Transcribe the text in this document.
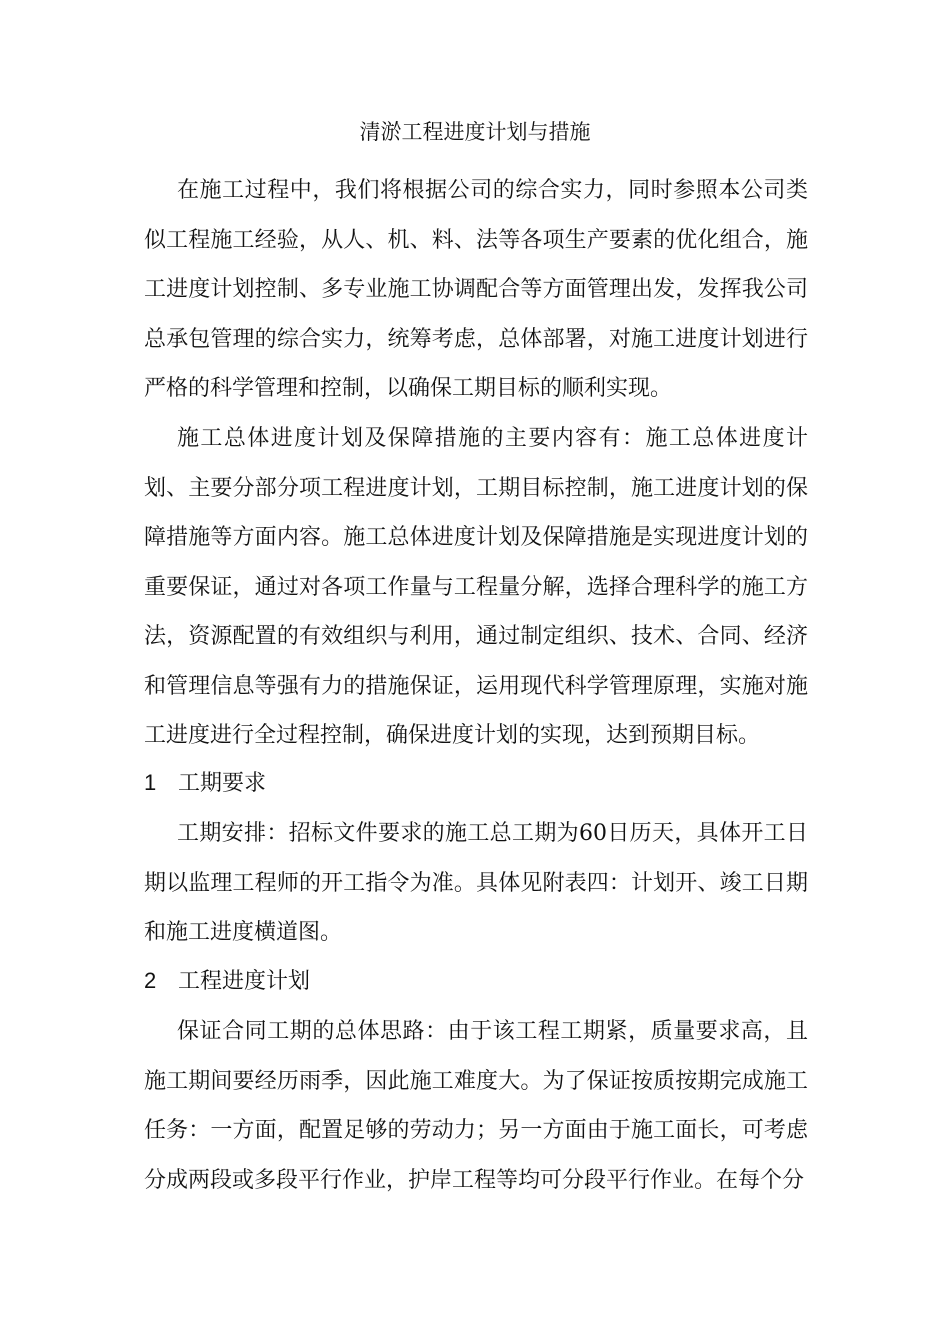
清淤工程进度计划与措施
在施工过程中，我们将根据公司的综合实力，同时参照本公司类似工程施工经验，从人、机、料、法等各项生产要素的优化组合，施工进度计划控制、多专业施工协调配合等方面管理出发，发挥我公司总承包管理的综合实力，统筹考虑，总体部署，对施工进度计划进行严格的科学管理和控制，以确保工期目标的顺利实现。
施工总体进度计划及保障措施的主要内容有：施工总体进度计划、主要分部分项工程进度计划，工期目标控制，施工进度计划的保障措施等方面内容。施工总体进度计划及保障措施是实现进度计划的重要保证，通过对各项工作量与工程量分解，选择合理科学的施工方法，资源配置的有效组织与利用，通过制定组织、技术、合同、经济和管理信息等强有力的措施保证，运用现代科学管理原理，实施对施工进度进行全过程控制，确保进度计划的实现，达到预期目标。
1 工期要求
工期安排：招标文件要求的施工总工期为60日历天，具体开工日期以监理工程师的开工指令为准。具体见附表四：计划开、竣工日期和施工进度横道图。
2 工程进度计划
保证合同工期的总体思路：由于该工程工期紧，质量要求高，且施工期间要经历雨季，因此施工难度大。为了保证按质按期完成施工任务：一方面，配置足够的劳动力；另一方面由于施工面长，可考虑分成两段或多段平行作业，护岸工程等均可分段平行作业。在每个分
